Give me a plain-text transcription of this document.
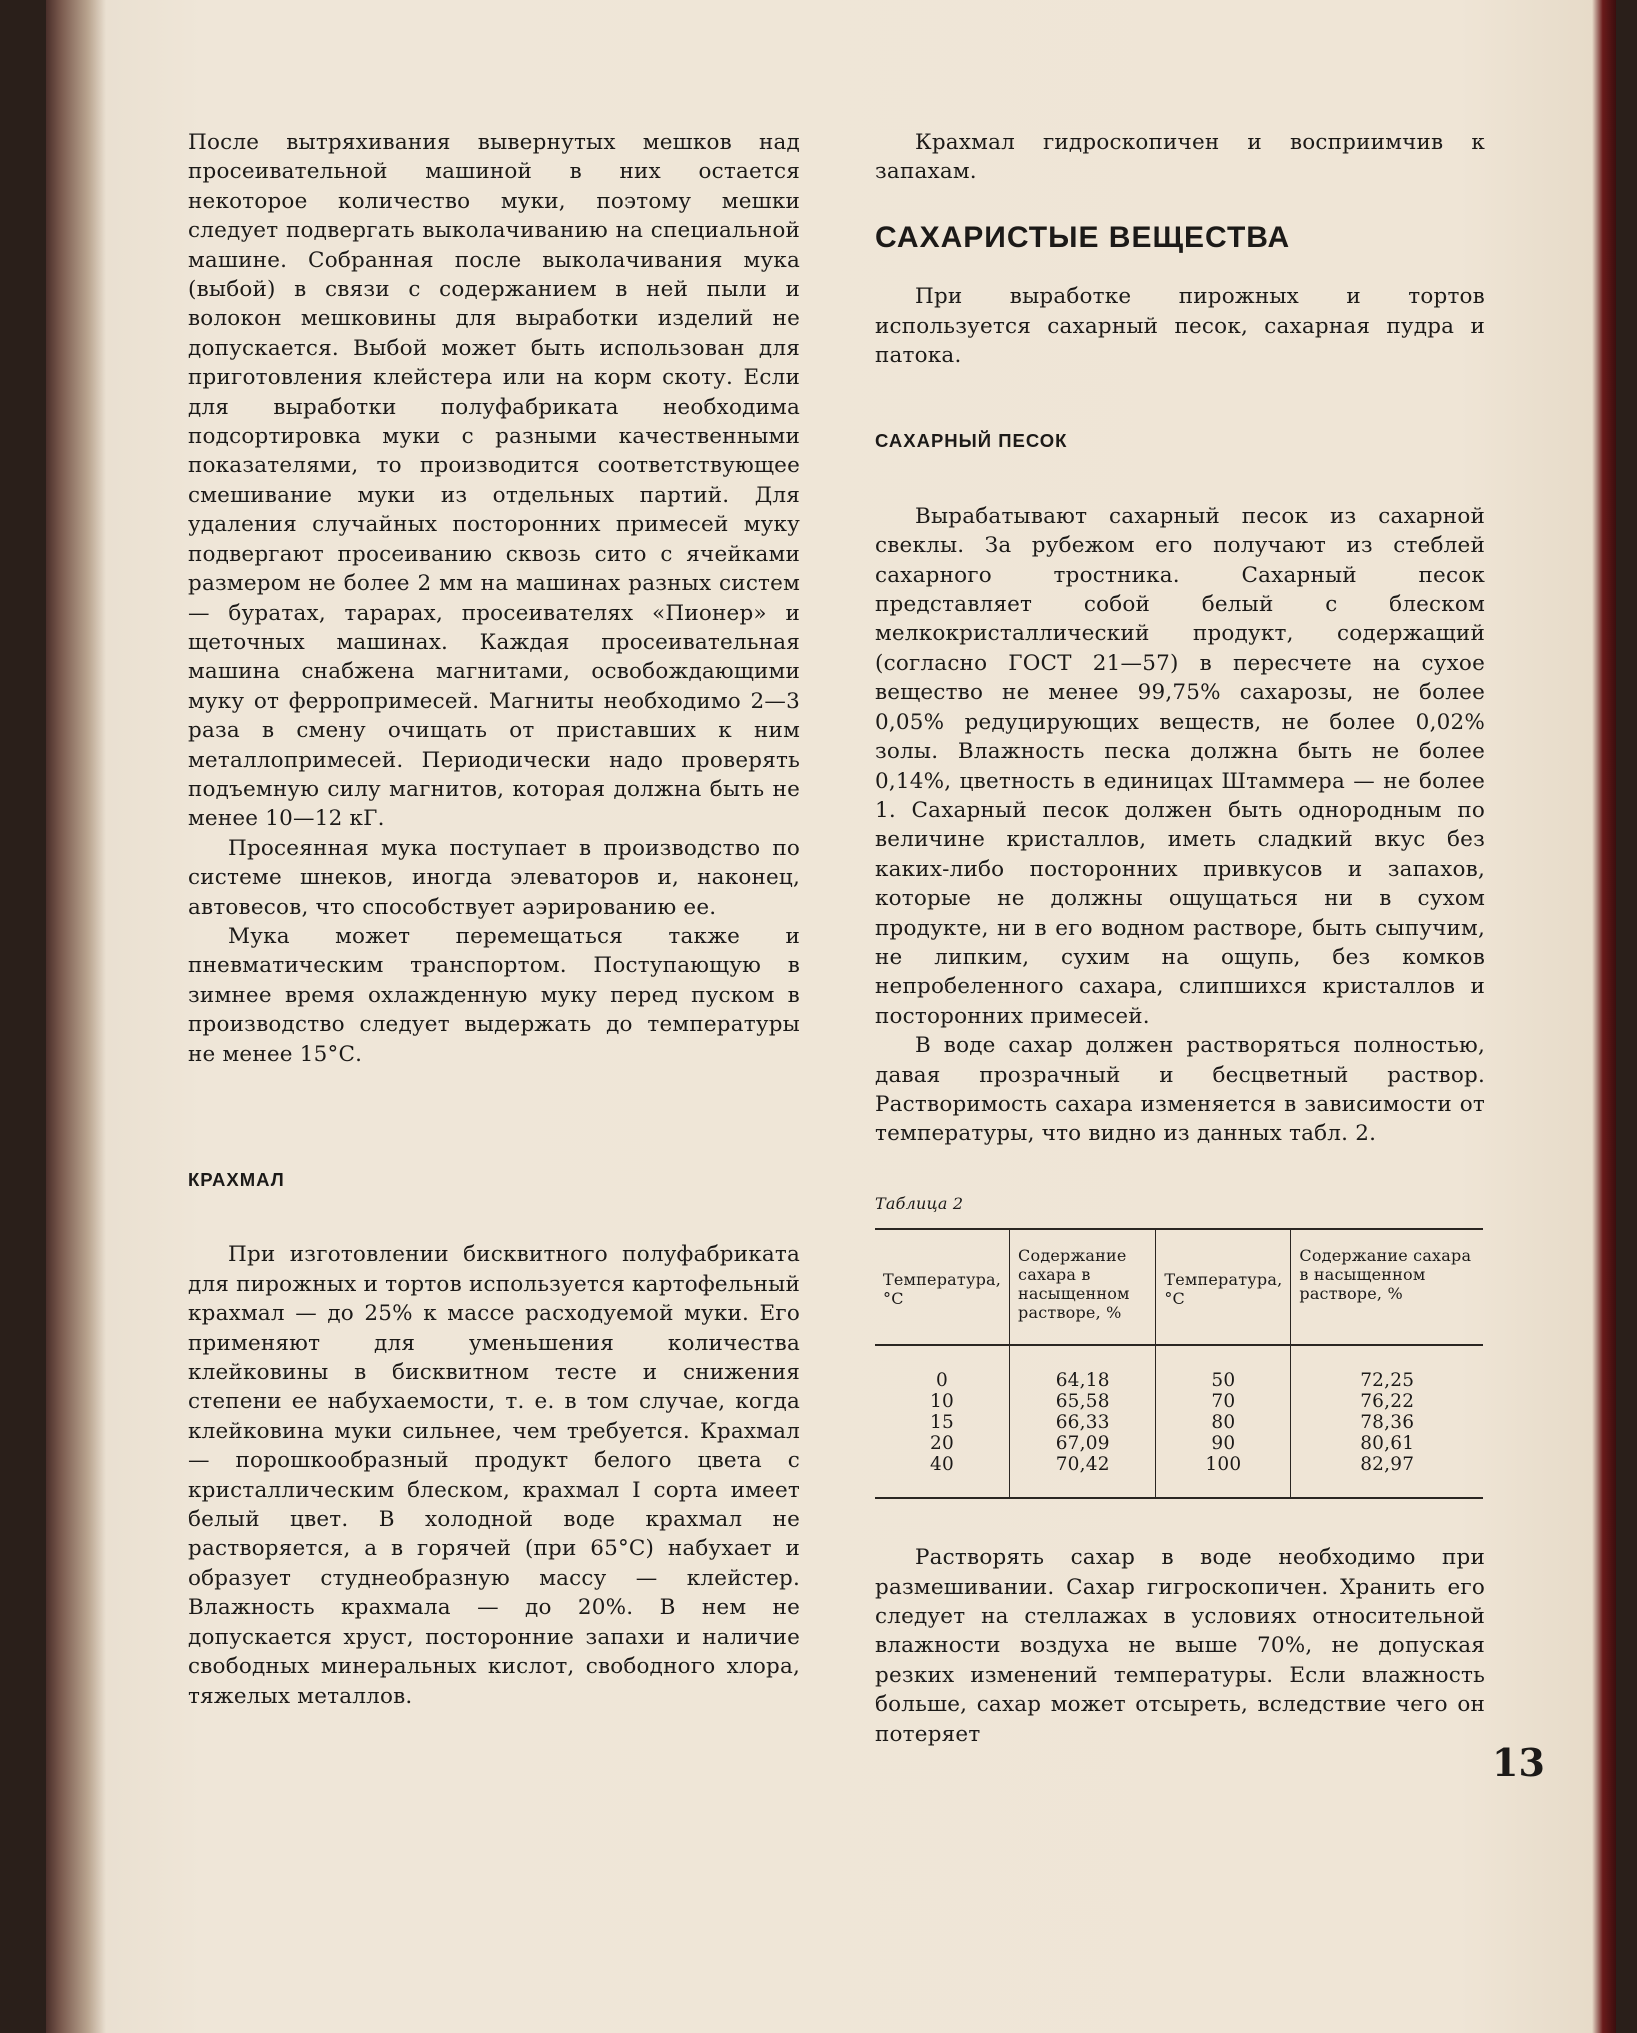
После вытряхивания вывернутых мешков над просеивательной машиной в них остается некоторое количество муки, поэтому мешки следует подвергать выколачиванию на специальной машине. Собранная после выколачивания мука (выбой) в связи с содержанием в ней пыли и волокон мешковины для выработки изделий не допускается. Выбой может быть использован для приготовления клейстера или на корм скоту. Если для выработки полуфабриката необходима подсортировка муки с разными качественными показателями, то производится соответствующее смешивание муки из отдельных партий. Для удаления случайных посторонних примесей муку подвергают просеиванию сквозь сито с ячейками размером не более 2 мм на машинах разных систем — буратах, тарарах, просеивателях «Пионер» и щеточных машинах. Каждая просеивательная машина снабжена магнитами, освобождающими муку от ферропримесей. Магниты необходимо 2—3 раза в смену очищать от приставших к ним металлопримесей. Периодически надо проверять подъемную силу магнитов, которая должна быть не менее 10—12 кГ.

Просеянная мука поступает в производство по системе шнеков, иногда элеваторов и, наконец, автовесов, что способствует аэрированию ее.

Мука может перемещаться также и пневматическим транспортом. Поступающую в зимнее время охлажденную муку перед пуском в производство следует выдержать до температуры не менее 15°С.

КРАХМАЛ

При изготовлении бисквитного полуфабриката для пирожных и тортов используется картофельный крахмал — до 25% к массе расходуемой муки. Его применяют для уменьшения количества клейковины в бисквитном тесте и снижения степени ее набухаемости, т. е. в том случае, когда клейковина муки сильнее, чем требуется. Крахмал — порошкообразный продукт белого цвета с кристаллическим блеском, крахмал I сорта имеет белый цвет. В холодной воде крахмал не растворяется, а в горячей (при 65°С) набухает и образует студнеобразную массу — клейстер. Влажность крахмала — до 20%. В нем не допускается хруст, посторонние запахи и наличие свободных минеральных кислот, свободного хлора, тяжелых металлов.

Крахмал гидроскопичен и восприимчив к запахам.

САХАРИСТЫЕ ВЕЩЕСТВА

При выработке пирожных и тортов используется сахарный песок, сахарная пудра и патока.

САХАРНЫЙ ПЕСОК

Вырабатывают сахарный песок из сахарной свеклы. За рубежом его получают из стеблей сахарного тростника. Сахарный песок представляет собой белый с блеском мелкокристаллический продукт, содержащий (согласно ГОСТ 21—57) в пересчете на сухое вещество не менее 99,75% сахарозы, не более 0,05% редуцирующих веществ, не более 0,02% золы. Влажность песка должна быть не более 0,14%, цветность в единицах Штаммера — не более 1. Сахарный песок должен быть однородным по величине кристаллов, иметь сладкий вкус без каких-либо посторонних привкусов и запахов, которые не должны ощущаться ни в сухом продукте, ни в его водном растворе, быть сыпучим, не липким, сухим на ощупь, без комков непробеленного сахара, слипшихся кристаллов и посторонних примесей.

В воде сахар должен растворяться полностью, давая прозрачный и бесцветный раствор. Растворимость сахара изменяется в зависимости от температуры, что видно из данных табл. 2.

Таблица 2
Температура, °С	Содержание сахара в насыщенном растворе, %	Температура, °С	Содержание сахара в насыщенном растворе, %
0	64,18	50	72,25
10	65,58	70	76,22
15	66,33	80	78,36
20	67,09	90	80,61
40	70,42	100	82,97

Растворять сахар в воде необходимо при размешивании. Сахар гигроскопичен. Хранить его следует на стеллажах в условиях относительной влажности воздуха не выше 70%, не допуская резких изменений температуры. Если влажность больше, сахар может отсыреть, вследствие чего он потеряет

13
